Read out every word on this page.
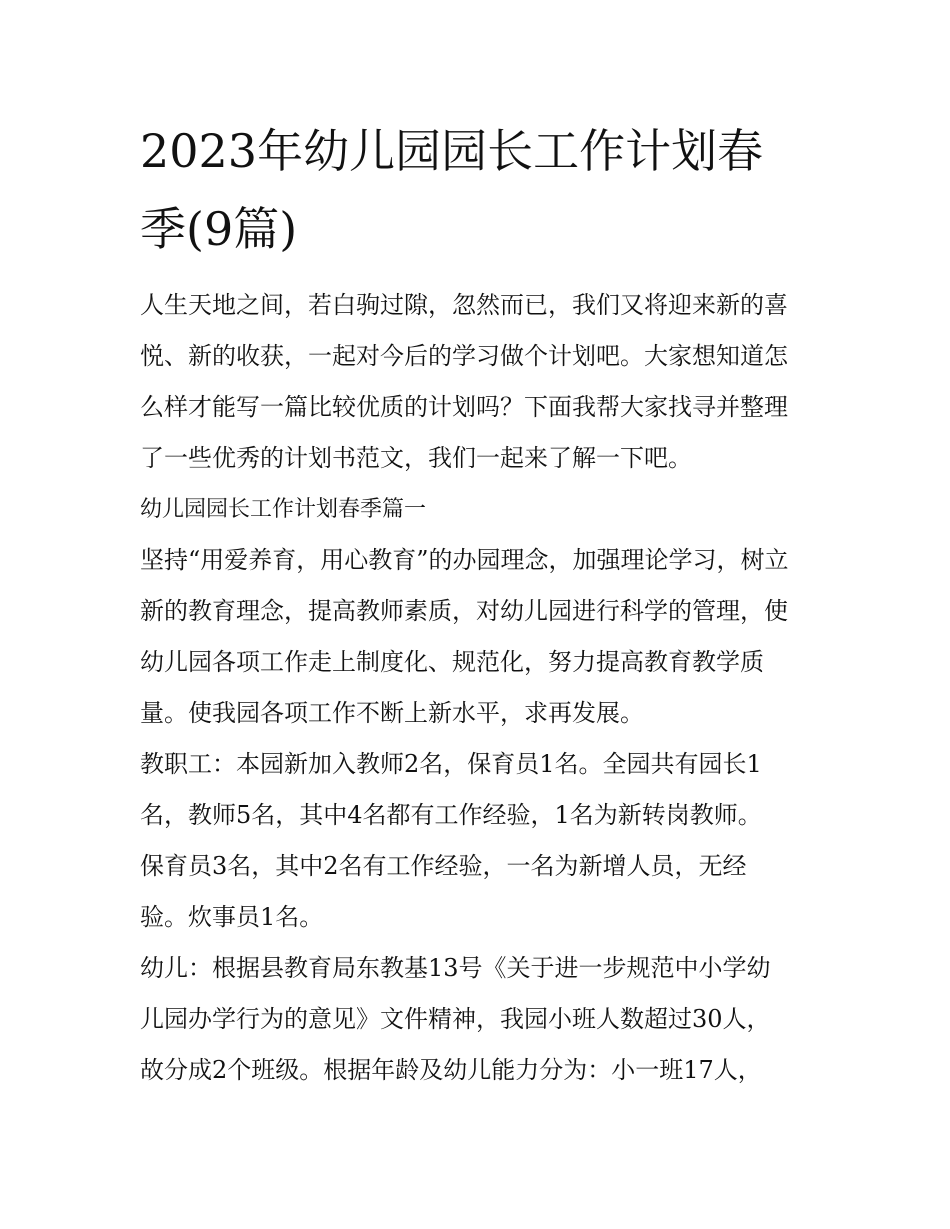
2023年幼儿园园长工作计划春
季(9篇)
人生天地之间，若白驹过隙，忽然而已，我们又将迎来新的喜
悦、新的收获，一起对今后的学习做个计划吧。大家想知道怎
么样才能写一篇比较优质的计划吗？下面我帮大家找寻并整理
了一些优秀的计划书范文，我们一起来了解一下吧。
幼儿园园长工作计划春季篇一
坚持“用爱养育，用心教育”的办园理念，加强理论学习，树立
新的教育理念，提高教师素质，对幼儿园进行科学的管理，使
幼儿园各项工作走上制度化、规范化，努力提高教育教学质
量。使我园各项工作不断上新水平，求再发展。
教职工：本园新加入教师2名，保育员1名。全园共有园长1
名，教师5名，其中4名都有工作经验，1名为新转岗教师。
保育员3名，其中2名有工作经验，一名为新增人员，无经
验。炊事员1名。
幼儿：根据县教育局东教基13号《关于进一步规范中小学幼
儿园办学行为的意见》文件精神，我园小班人数超过30人，
故分成2个班级。根据年龄及幼儿能力分为：小一班17人，
